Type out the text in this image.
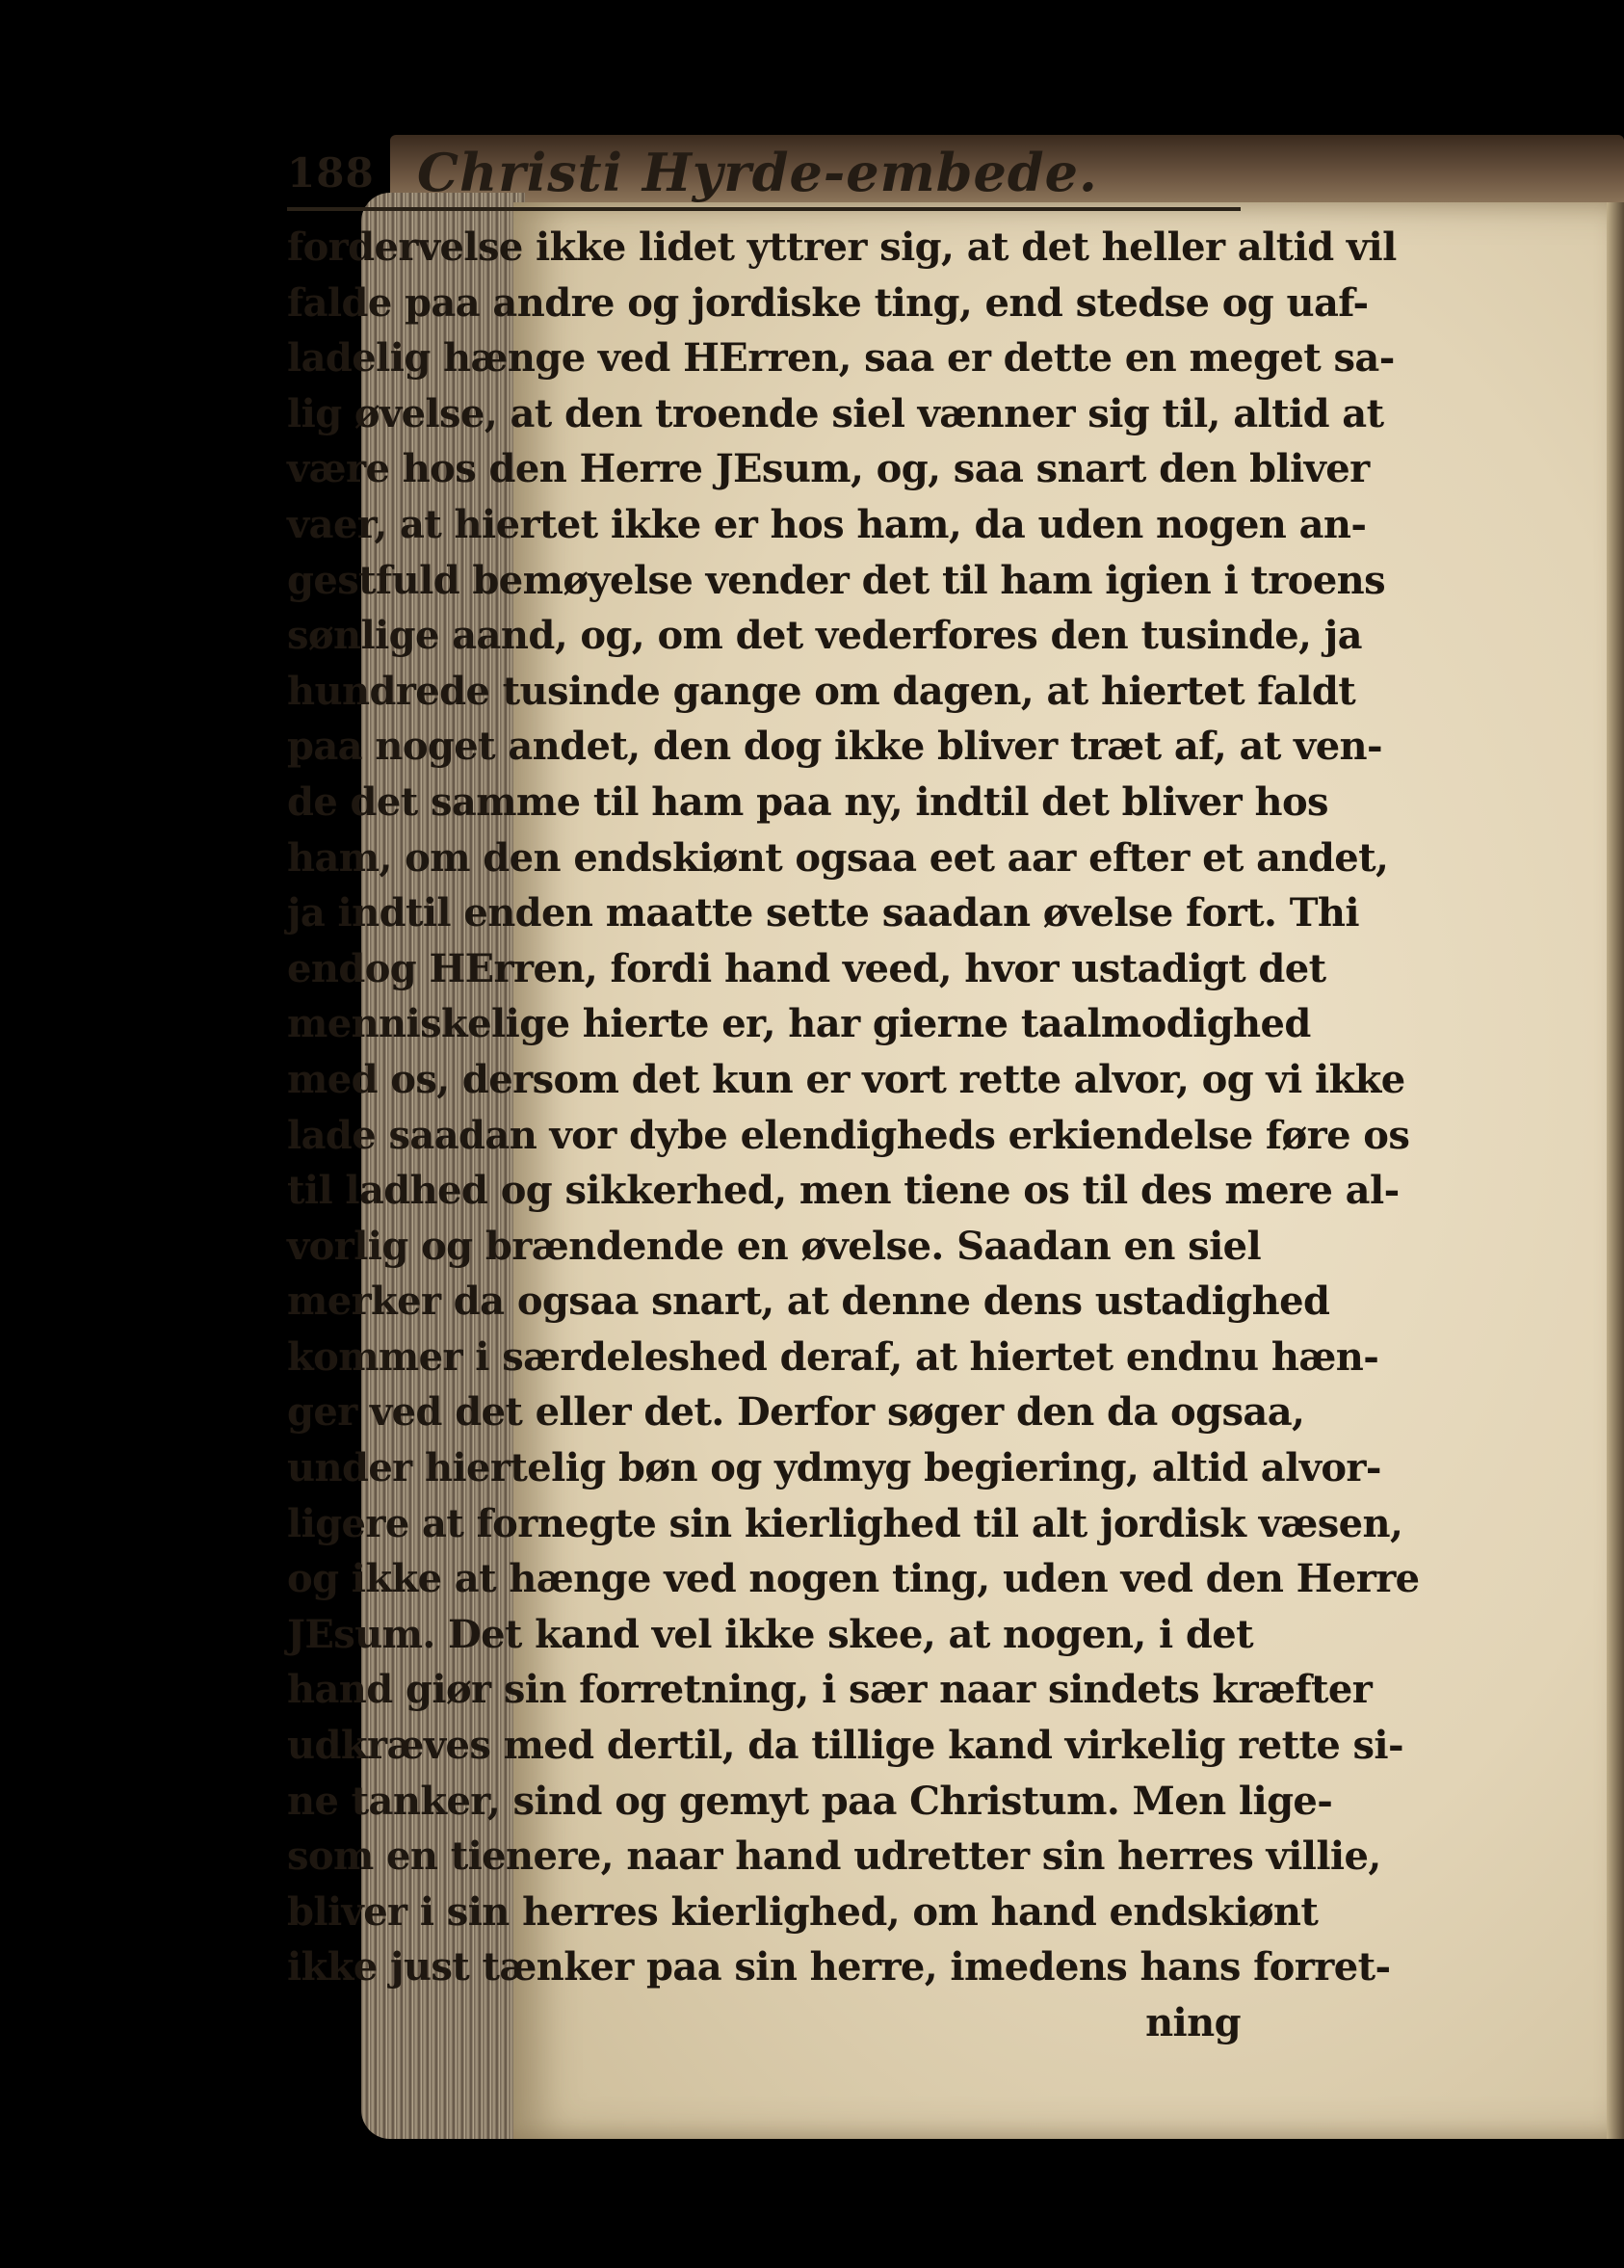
188 Christi Hyrde-embede.
fordervelse ikke lidet yttrer sig, at det heller altid vil
falde paa andre og jordiske ting, end stedse og uaf-
ladelig hænge ved HErren, saa er dette en meget sa-
lig øvelse, at den troende siel vænner sig til, altid at
være hos den Herre JEsum, og, saa snart den bliver
vaer, at hiertet ikke er hos ham, da uden nogen an-
gestfuld bemøyelse vender det til ham igien i troens
sønlige aand, og, om det vederfores den tusinde, ja
hundrede tusinde gange om dagen, at hiertet faldt
paa noget andet, den dog ikke bliver træt af, at ven-
de det samme til ham paa ny, indtil det bliver hos
ham, om den endskiønt ogsaa eet aar efter et andet,
ja indtil enden maatte sette saadan øvelse fort. Thi
endog HErren, fordi hand veed, hvor ustadigt det
menniskelige hierte er, har gierne taalmodighed
med os, dersom det kun er vort rette alvor, og vi ikke
lade saadan vor dybe elendigheds erkiendelse føre os
til ladhed og sikkerhed, men tiene os til des mere al-
vorlig og brændende en øvelse. Saadan en siel
merker da ogsaa snart, at denne dens ustadighed
kommer i særdeleshed deraf, at hiertet endnu hæn-
ger ved det eller det. Derfor søger den da ogsaa,
under hiertelig bøn og ydmyg begiering, altid alvor-
ligere at fornegte sin kierlighed til alt jordisk væsen,
og ikke at hænge ved nogen ting, uden ved den Herre
JEsum. Det kand vel ikke skee, at nogen, i det
hand giør sin forretning, i sær naar sindets kræfter
udkræves med dertil, da tillige kand virkelig rette si-
ne tanker, sind og gemyt paa Christum. Men lige-
som en tienere, naar hand udretter sin herres villie,
bliver i sin herres kierlighed, om hand endskiønt
ikke just tænker paa sin herre, imedens hans forret-
ning
